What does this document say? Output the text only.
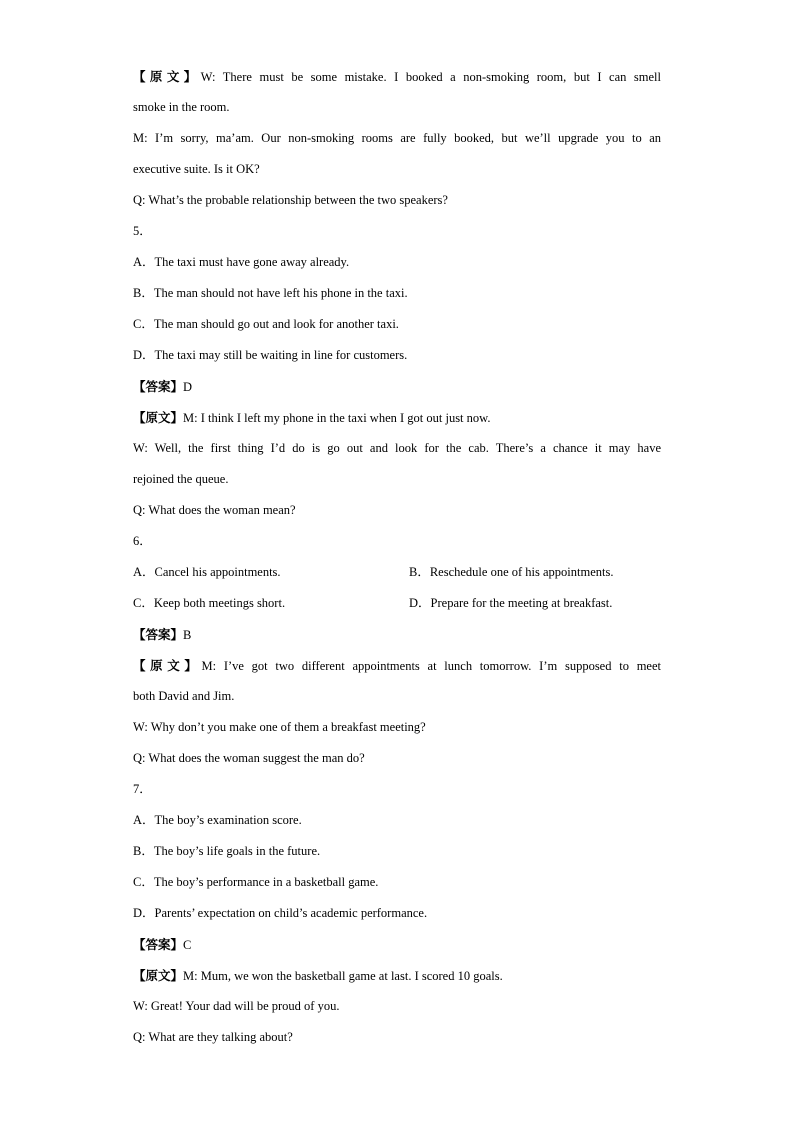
【原文】W: There must be some mistake. I booked a non-smoking room, but I can smell
smoke in the room.
M: I’m sorry, ma’am. Our non-smoking rooms are fully booked, but we’ll upgrade you to an
executive suite. Is it OK?
Q: What’s the probable relationship between the two speakers?
5．
A．The taxi must have gone away already.
B．The man should not have left his phone in the taxi.
C．The man should go out and look for another taxi.
D．The taxi may still be waiting in line for customers.
【答案】D
【原文】M: I think I left my phone in the taxi when I got out just now.
W: Well, the first thing I’d do is go out and look for the cab. There’s a chance it may have
rejoined the queue.
Q: What does the woman mean?
6．
A．Cancel his appointments.	B．Reschedule one of his appointments.
C．Keep both meetings short.	D．Prepare for the meeting at breakfast.
【答案】B
【原文】M: I’ve got two different appointments at lunch tomorrow. I’m supposed to meet
both David and Jim.
W: Why don’t you make one of them a breakfast meeting?
Q: What does the woman suggest the man do?
7．
A．The boy’s examination score.
B．The boy’s life goals in the future.
C．The boy’s performance in a basketball game.
D．Parents’ expectation on child’s academic performance.
【答案】C
【原文】M: Mum, we won the basketball game at last. I scored 10 goals.
W: Great! Your dad will be proud of you.
Q: What are they talking about?
